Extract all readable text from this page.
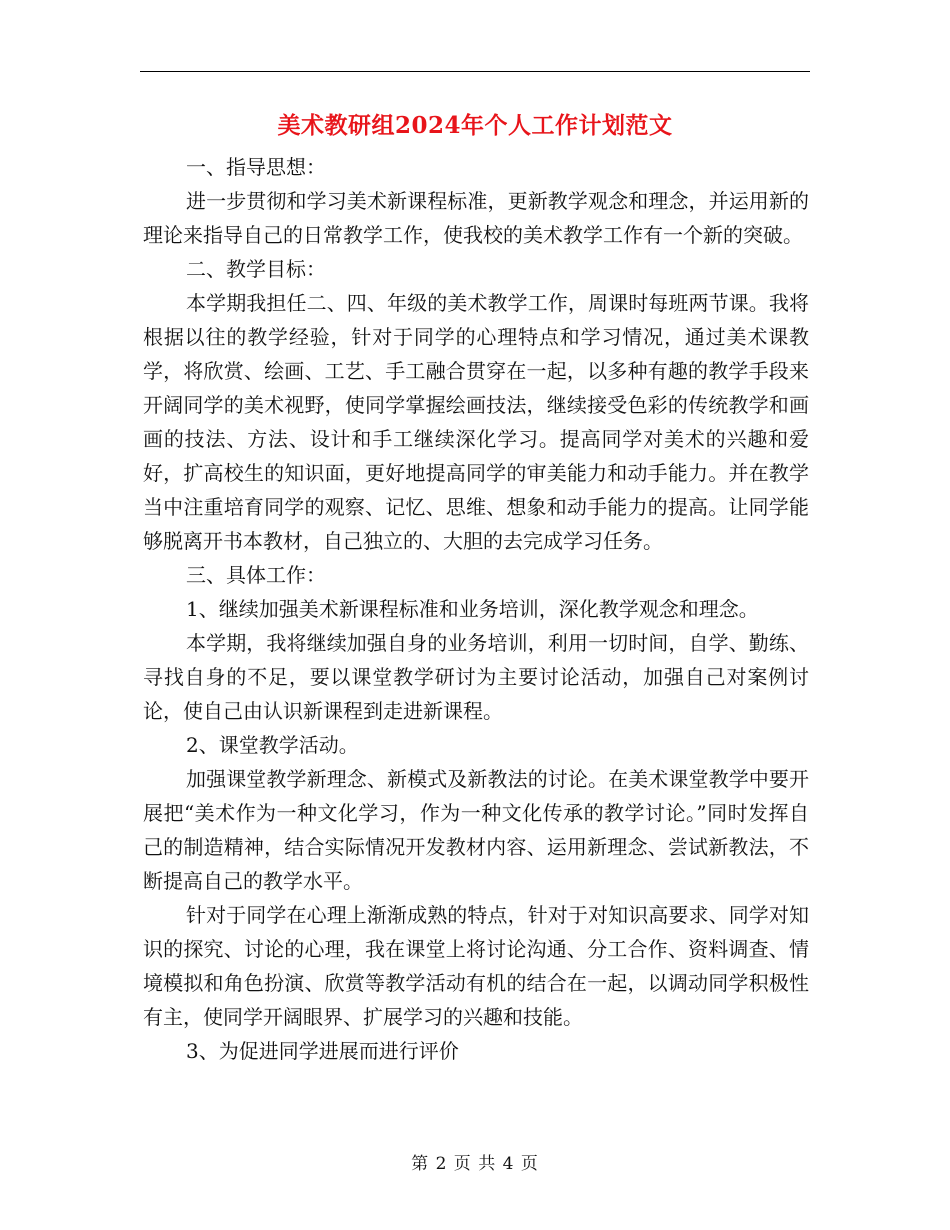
美术教研组2024年个人工作计划范文

一、指导思想：

进一步贯彻和学习美术新课程标准，更新教学观念和理念，并运用新的理论来指导自己的日常教学工作，使我校的美术教学工作有一个新的突破。

二、教学目标：

本学期我担任二、四、年级的美术教学工作，周课时每班两节课。我将根据以往的教学经验，针对于同学的心理特点和学习情况，通过美术课教学，将欣赏、绘画、工艺、手工融合贯穿在一起，以多种有趣的教学手段来开阔同学的美术视野，使同学掌握绘画技法，继续接受色彩的传统教学和画画的技法、方法、设计和手工继续深化学习。提高同学对美术的兴趣和爱好，扩高校生的知识面，更好地提高同学的审美能力和动手能力。并在教学当中注重培育同学的观察、记忆、思维、想象和动手能力的提高。让同学能够脱离开书本教材，自己独立的、大胆的去完成学习任务。

三、具体工作：

1、继续加强美术新课程标准和业务培训，深化教学观念和理念。

本学期，我将继续加强自身的业务培训，利用一切时间，自学、勤练、寻找自身的不足，要以课堂教学研讨为主要讨论活动，加强自己对案例讨论，使自己由认识新课程到走进新课程。

2、课堂教学活动。

加强课堂教学新理念、新模式及新教法的讨论。在美术课堂教学中要开展把“美术作为一种文化学习，作为一种文化传承的教学讨论。”同时发挥自己的制造精神，结合实际情况开发教材内容、运用新理念、尝试新教法，不断提高自己的教学水平。

针对于同学在心理上渐渐成熟的特点，针对于对知识高要求、同学对知识的探究、讨论的心理，我在课堂上将讨论沟通、分工合作、资料调查、情境模拟和角色扮演、欣赏等教学活动有机的结合在一起，以调动同学积极性有主，使同学开阔眼界、扩展学习的兴趣和技能。

3、为促进同学进展而进行评价

第 2 页 共 4 页
